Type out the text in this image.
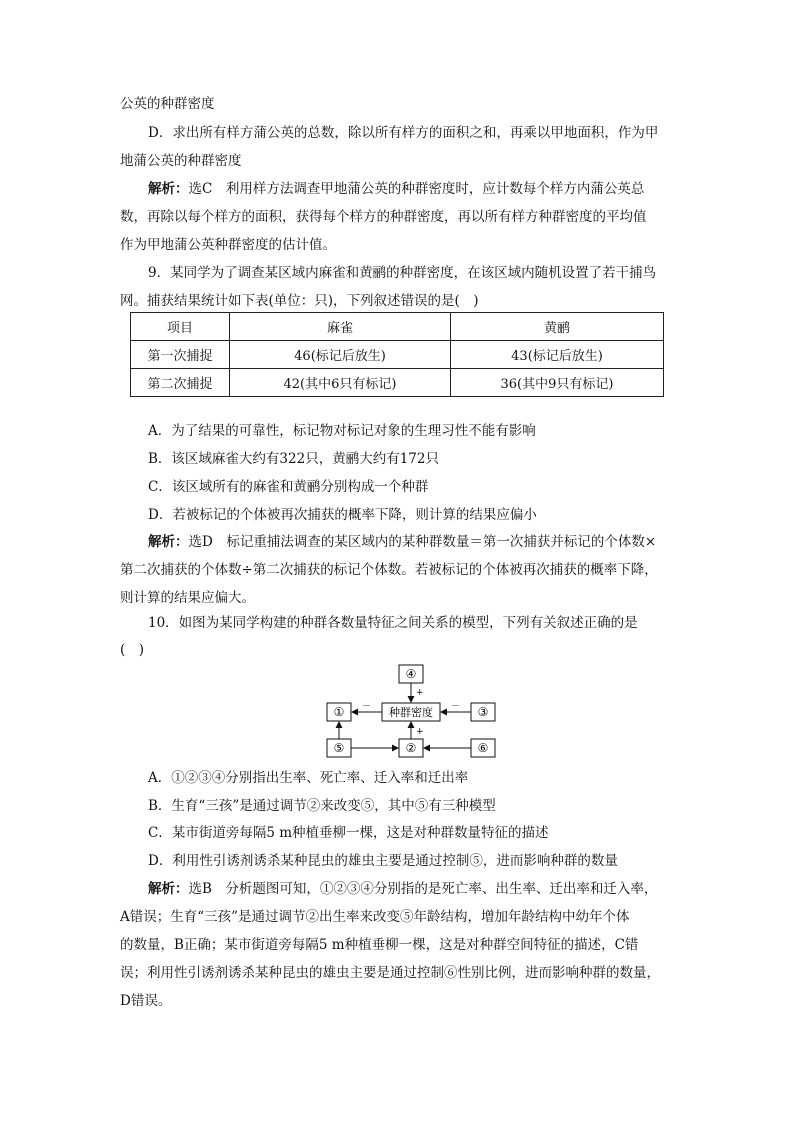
公英的种群密度
D．求出所有样方蒲公英的总数，除以所有样方的面积之和，再乘以甲地面积，作为甲
地蒲公英的种群密度
解析：选C　利用样方法调查甲地蒲公英的种群密度时，应计数每个样方内蒲公英总
数，再除以每个样方的面积，获得每个样方的种群密度，再以所有样方种群密度的平均值
作为甲地蒲公英种群密度的估计值。
9．某同学为了调查某区域内麻雀和黄鹂的种群密度，在该区域内随机设置了若干捕鸟
网。捕获结果统计如下表(单位：只)，下列叙述错误的是(　)
项目	麻雀	黄鹂
第一次捕捉	46(标记后放生)	43(标记后放生)
第二次捕捉	42(其中6只有标记)	36(其中9只有标记)
A．为了结果的可靠性，标记物对标记对象的生理习性不能有影响
B．该区域麻雀大约有322只，黄鹂大约有172只
C．该区域所有的麻雀和黄鹂分别构成一个种群
D．若被标记的个体被再次捕获的概率下降，则计算的结果应偏小
解析：选D　标记重捕法调查的某区域内的某种群数量＝第一次捕获并标记的个体数×
第二次捕获的个体数÷第二次捕获的标记个体数。若被标记的个体被再次捕获的概率下降，
则计算的结果应偏大。
10．如图为某同学构建的种群各数量特征之间关系的模型，下列有关叙述正确的是
(　)
④
①	种群密度	③
⑤	②	⑥
+
－	－
+
A．①②③④分别指出生率、死亡率、迁入率和迁出率
B．生育“三孩”是通过调节②来改变⑤，其中⑤有三种模型
C．某市街道旁每隔5 m种植垂柳一棵，这是对种群数量特征的描述
D．利用性引诱剂诱杀某种昆虫的雄虫主要是通过控制⑤，进而影响种群的数量
解析：选B　分析题图可知，①②③④分别指的是死亡率、出生率、迁出率和迁入率，
A错误；生育“三孩”是通过调节②出生率来改变⑤年龄结构，增加年龄结构中幼年个体
的数量，B正确；某市街道旁每隔5 m种植垂柳一棵，这是对种群空间特征的描述，C错
误；利用性引诱剂诱杀某种昆虫的雄虫主要是通过控制⑥性别比例，进而影响种群的数量，
D错误。
